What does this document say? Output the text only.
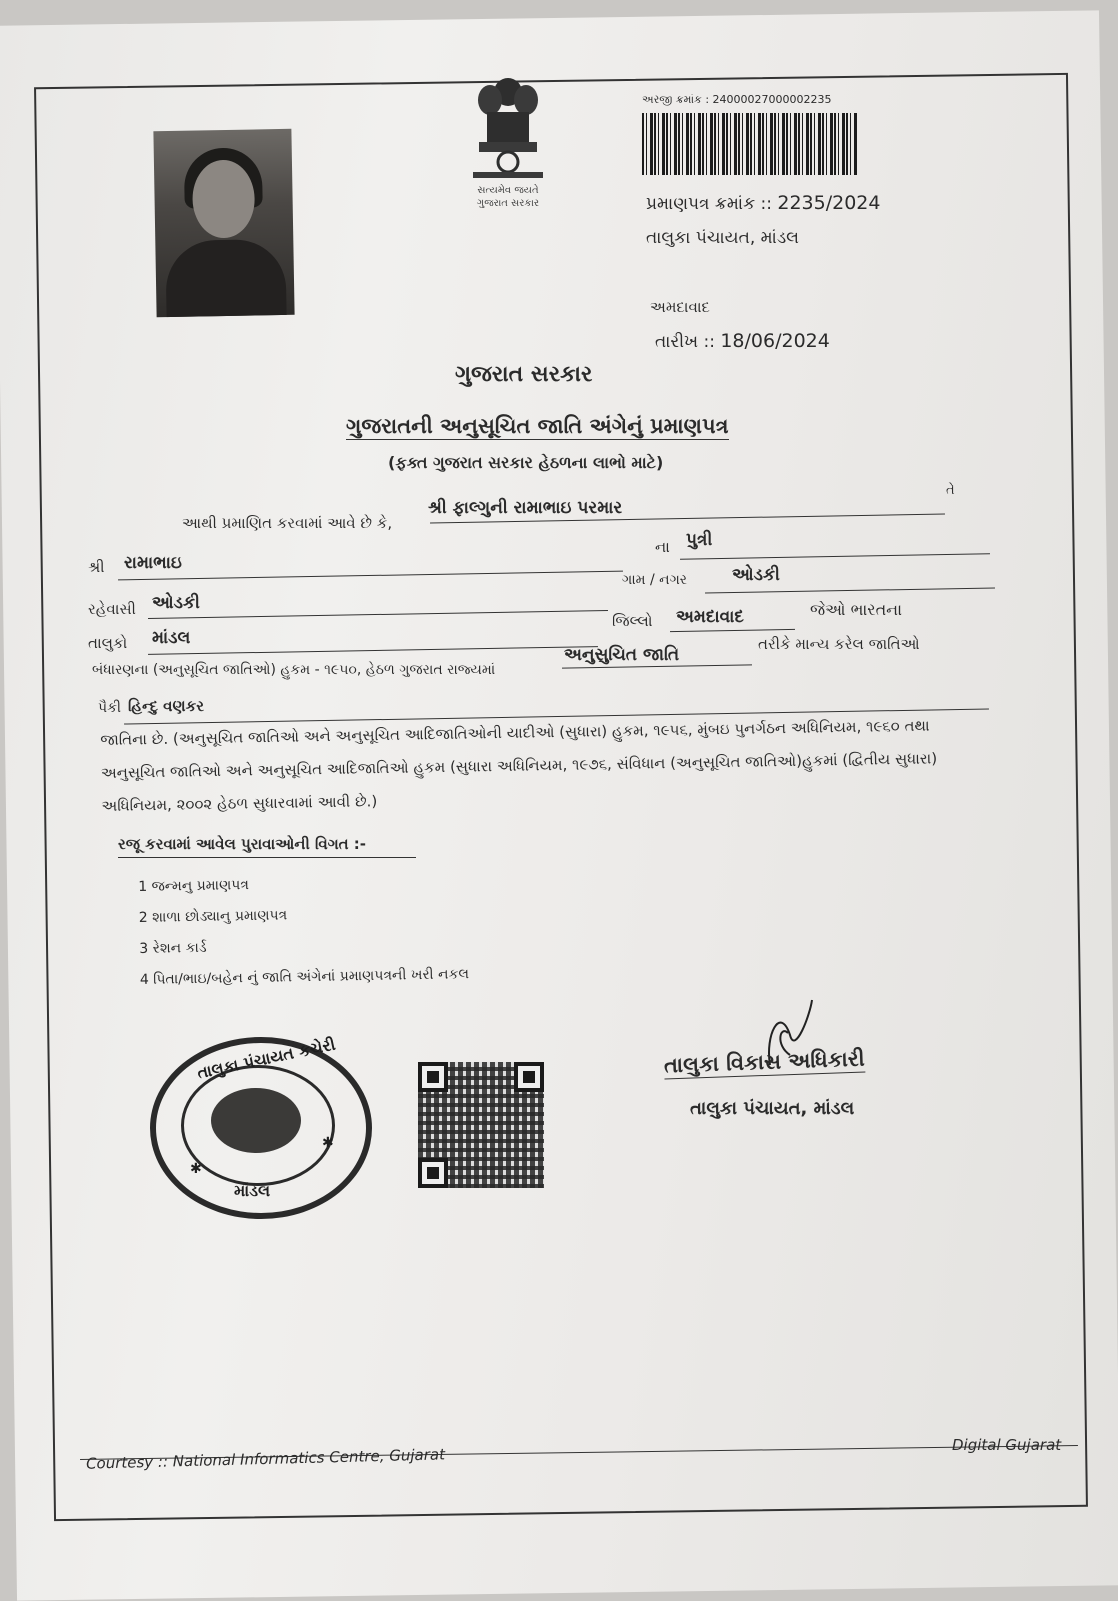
સત્યમેવ જયતે
ગુજરાત સરકાર
અરજી ક્રમાંક : 24000027000002235
પ્રમાણપત્ર ક્રમાંક :: 2235/2024
તાલુકા પંચાયત, માંડલ
અમદાવાદ
તારીખ :: 18/06/2024
ગુજરાત સરકાર
ગુજરાતની અનુસૂચિત જાતિ અંગેનું પ્રમાણપત્ર
(ફક્ત ગુજરાત સરકાર હેઠળના લાભો માટે)
આથી પ્રમાણિત કરવામાં આવે છે કે,
શ્રી ફાલ્ગુની રામાભાઇ પરમાર
તે
શ્રી રામાભાઇ
ના પુત્રી
ગામ / નગર	ઓડકી
રહેવાસી ઓડકી	જેઓ ભારતના
તાલુકો માંડલ
જિલ્લો અમદાવાદ
બંધારણના (અનુસૂચિત જાતિઓ) હુકમ - ૧૯૫૦, હેઠળ ગુજરાત રાજ્યમાં
અનુસુચિત જાતિ
તરીકે માન્ય કરેલ જાતિઓ
પૈકી હિન્દુ વણકર
જાતિના છે. (અનુસૂચિત જાતિઓ અને અનુસૂચિત આદિજાતિઓની યાદીઓ (સુધારા) હુકમ, ૧૯૫૬, મુંબઇ પુનર્ગઠન અધિનિયમ, ૧૯૬૦ તથા
અનુસૂચિત જાતિઓ અને અનુસૂચિત આદિજાતિઓ હુકમ (સુધારા અધિનિયમ, ૧૯૭૬, સંવિધાન (અનુસૂચિત જાતિઓ)હુકમાં (દ્વિતીય સુધારા)
અધિનિયમ, ૨૦૦૨ હેઠળ સુધારવામાં આવી છે.)
રજૂ કરવામાં આવેલ પુરાવાઓની વિગત :-
1 જન્મનુ પ્રમાણપત્ર
2 શાળા છોડ્યાનુ પ્રમાણપત્ર
3 રેશન કાર્ડ
4 પિતા/ભાઇ/બહેન નું જાતિ અંગેનાં પ્રમાણપત્રની ખરી નકલ
તાલુકા પંચાયત કચેરી
માંડલ
✱
✱
તાલુકા વિકાસ અધિકારી
તાલુકા પંચાયત, માંડલ
Courtesy :: National Informatics Centre, Gujarat
Digital Gujarat
